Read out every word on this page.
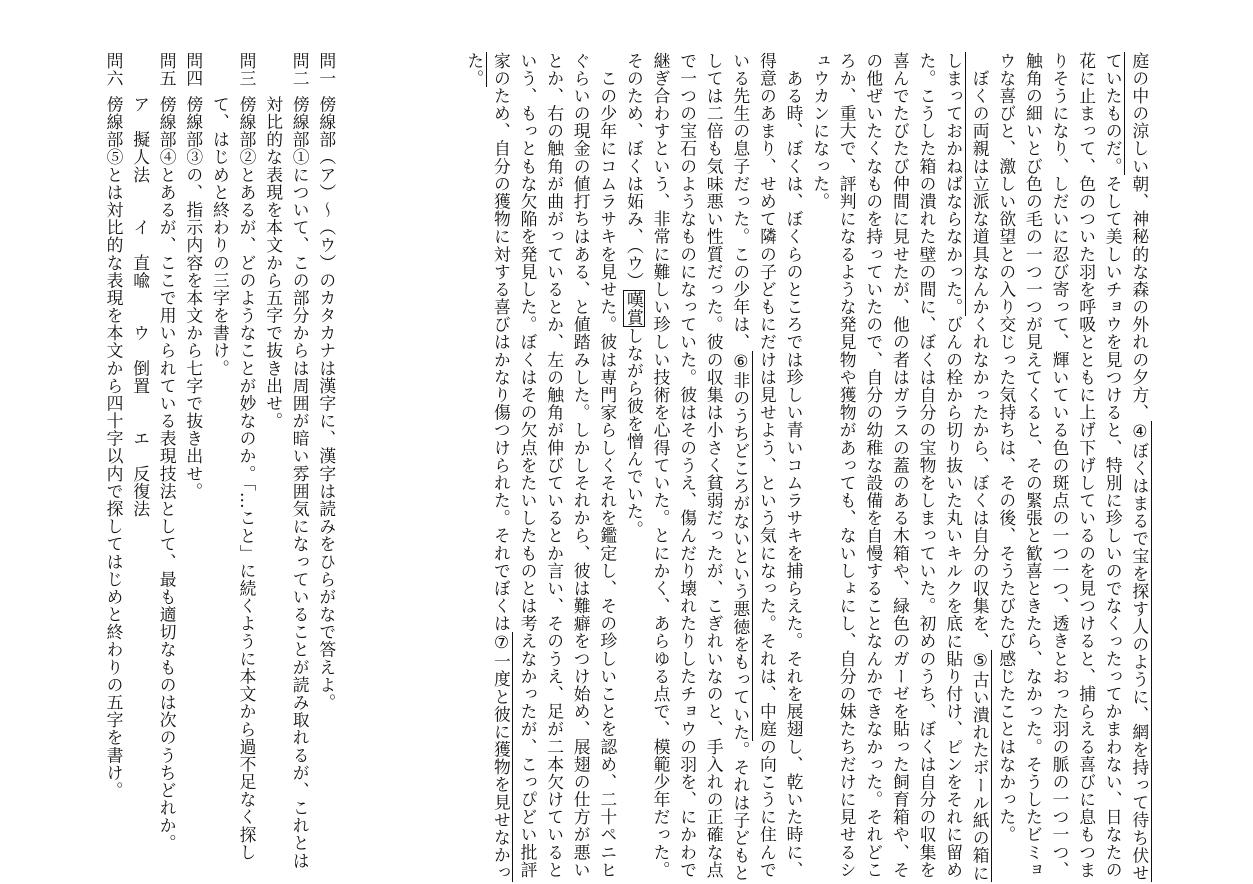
庭の中の涼しい朝、神秘的な森の外れの夕方、④ぼくはまるで宝を探す人のように、網を持って待ち伏せ
ていたものだ。そして美しいチョウを見つけると、特別に珍しいのでなくったってかまわない、日なたの
花に止まって、色のついた羽を呼吸とともに上げ下げしているのを見つけると、捕らえる喜びに息もつま
りそうになり、しだいに忍び寄って、輝いている色の斑点の一つ一つ、透きとおった羽の脈の一つ一つ、
触角の細いとび色の毛の一つ一つが見えてくると、その緊張と歓喜ときたら、なかった。そうしたビミョ
ウな喜びと、激しい欲望との入り交じった気持ちは、その後、そうたびたび感じたことはなかった。
　ぼくの両親は立派な道具なんかくれなかったから、ぼくは自分の収集を、⑤古い潰れたボール紙の箱に
しまっておかねばならなかった。びんの栓から切り抜いた丸いキルクを底に貼り付け、ピンをそれに留め
た。こうした箱の潰れた壁の間に、ぼくは自分の宝物をしまっていた。初めのうち、ぼくは自分の収集を
喜んでたびたび仲間に見せたが、他の者はガラスの蓋のある木箱や、緑色のガーゼを貼った飼育箱や、そ
の他ぜいたくなものを持っていたので、自分の幼稚な設備を自慢することなんかできなかった。それどこ
ろか、重大で、評判になるような発見物や獲物があっても、ないしょにし、自分の妹たちだけに見せるシ
ュウカンになった。
　ある時、ぼくは、ぼくらのところでは珍しい青いコムラサキを捕らえた。それを展翅し、乾いた時に、
得意のあまり、せめて隣の子どもにだけは見せよう、という気になった。それは、中庭の向こうに住んで
いる先生の息子だった。この少年は、⑥非のうちどころがないという悪徳をもっていた。それは子どもと
しては二倍も気味悪い性質だった。彼の収集は小さく貧弱だったが、こぎれいなのと、手入れの正確な点
で一つの宝石のようなものになっていた。彼はそのうえ、傷んだり壊れたりしたチョウの羽を、にかわで
継ぎ合わすという、非常に難しい珍しい技術を心得ていた。とにかく、あらゆる点で、模範少年だった。
そのため、ぼくは妬み、（ウ）嘆賞しながら彼を憎んでいた。
　この少年にコムラサキを見せた。彼は専門家らしくそれを鑑定し、その珍しいことを認め、二十ペニヒ
ぐらいの現金の値打ちはある、と値踏みした。しかしそれから、彼は難癖をつけ始め、展翅の仕方が悪い
とか、右の触角が曲がっているとか、左の触角が伸びているとか言い、そのうえ、足が二本欠けていると
いう、もっともな欠陥を発見した。ぼくはその欠点をたいしたものとは考えなかったが、こっぴどい批評
家のため、自分の獲物に対する喜びはかなり傷つけられた。それでぼくは⑦一度と彼に獲物を見せなかっ
た。
問一傍線部（ア）〜（ウ）のカタカナは漢字に、漢字は読みをひらがなで答えよ。
問二傍線部①について、この部分からは周囲が暗い雰囲気になっていることが読み取れるが、これとは
対比的な表現を本文から五字で抜き出せ。
問三傍線部②とあるが、どのようなことが妙なのか。「…こと」に続くように本文から過不足なく探し
て、はじめと終わりの三字を書け。
問四傍線部③の、指示内容を本文から七字で抜き出せ。
問五傍線部④とあるが、ここで用いられている表現技法として、最も適切なものは次のうちどれか。
ア　擬人法　　イ　直喩　　ウ　倒置　　エ　反復法
問六傍線部⑤とは対比的な表現を本文から四十字以内で探してはじめと終わりの五字を書け。
